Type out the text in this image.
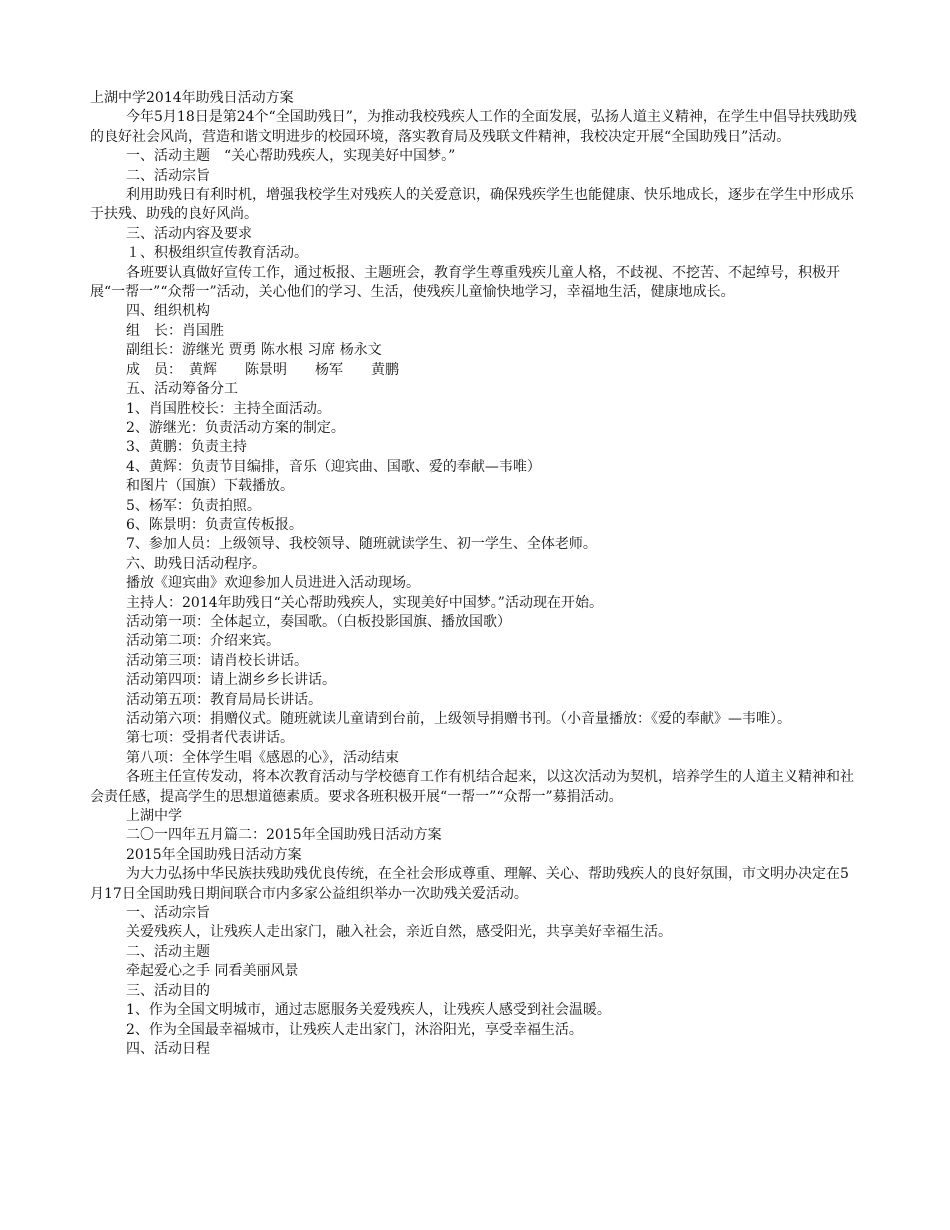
上湖中学2014年助残日活动方案

今年5月18日是第24个“全国助残日”，为推动我校残疾人工作的全面发展，弘扬人道主义精神，在学生中倡导扶残助残的良好社会风尚，营造和谐文明进步的校园环境，落实教育局及残联文件精神，我校决定开展“全国助残日”活动。

一、活动主题　“关心帮助残疾人，实现美好中国梦。”

二、活动宗旨

利用助残日有利时机，增强我校学生对残疾人的关爱意识，确保残疾学生也能健康、快乐地成长，逐步在学生中形成乐于扶残、助残的良好风尚。

三、活动内容及要求

１、积极组织宣传教育活动。

各班要认真做好宣传工作，通过板报、主题班会，教育学生尊重残疾儿童人格，不歧视、不挖苦、不起绰号，积极开展“一帮一”“众帮一”活动，关心他们的学习、生活，使残疾儿童愉快地学习，幸福地生活，健康地成长。

四、组织机构

组　长：肖国胜

副组长：游继光 贾勇 陈水根 习席 杨永文

成　员：　黄辉　　陈景明　　杨军　　黄鹏

五、活动筹备分工

1、肖国胜校长：主持全面活动。

2、游继光：负责活动方案的制定。

3、黄鹏：负责主持

4、黄辉：负责节目编排，音乐（迎宾曲、国歌、爱的奉献—韦唯）

和图片（国旗）下载播放。

5、杨军：负责拍照。

6、陈景明：负责宣传板报。

7、参加人员：上级领导、我校领导、随班就读学生、初一学生、全体老师。

六、助残日活动程序。

播放《迎宾曲》欢迎参加人员进进入活动现场。

主持人：2014年助残日“关心帮助残疾人，实现美好中国梦。”活动现在开始。

活动第一项：全体起立，奏国歌。（白板投影国旗、播放国歌）

活动第二项：介绍来宾。

活动第三项：请肖校长讲话。

活动第四项：请上湖乡乡长讲话。

活动第五项：教育局局长讲话。

活动第六项：捐赠仪式。随班就读儿童请到台前，上级领导捐赠书刊。（小音量播放：《爱的奉献》—韦唯）。

第七项：受捐者代表讲话。

第八项：全体学生唱《感恩的心》，活动结束

各班主任宣传发动，将本次教育活动与学校德育工作有机结合起来，以这次活动为契机，培养学生的人道主义精神和社会责任感，提高学生的思想道德素质。要求各班积极开展“一帮一”“众帮一”募捐活动。

上湖中学

二〇一四年五月篇二：2015年全国助残日活动方案

2015年全国助残日活动方案

为大力弘扬中华民族扶残助残优良传统，在全社会形成尊重、理解、关心、帮助残疾人的良好氛围，市文明办决定在5月17日全国助残日期间联合市内多家公益组织举办一次助残关爱活动。

一、活动宗旨

关爱残疾人，让残疾人走出家门，融入社会，亲近自然，感受阳光，共享美好幸福生活。

二、活动主题

牵起爱心之手 同看美丽风景

三、活动目的

1、作为全国文明城市，通过志愿服务关爱残疾人，让残疾人感受到社会温暖。

2、作为全国最幸福城市，让残疾人走出家门，沐浴阳光，享受幸福生活。

四、活动日程
